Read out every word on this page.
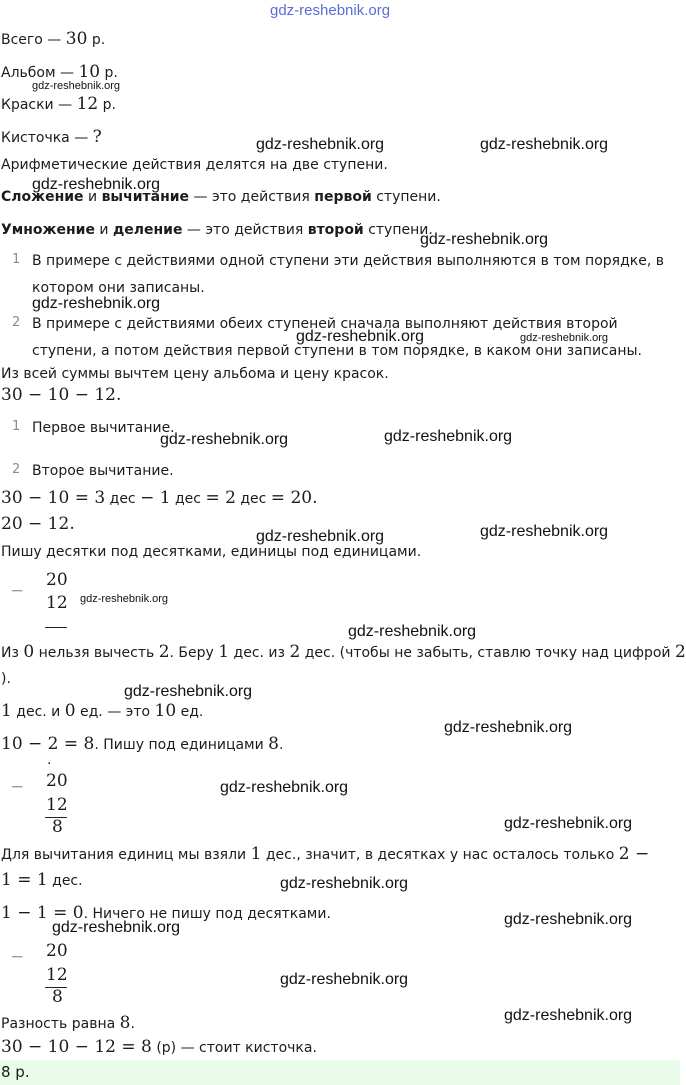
gdz-reshebnik.org
gdz-reshebnik.org
gdz-reshebnik.org	gdz-reshebnik.org
gdz-reshebnik.org
gdz-reshebnik.org
gdz-reshebnik.org
gdz-reshebnik.org	gdz-reshebnik.org
gdz-reshebnik.org	gdz-reshebnik.org
gdz-reshebnik.org	gdz-reshebnik.org
gdz-reshebnik.org
gdz-reshebnik.org
gdz-reshebnik.org
gdz-reshebnik.org
gdz-reshebnik.org
gdz-reshebnik.org
gdz-reshebnik.org
gdz-reshebnik.org
gdz-reshebnik.org
gdz-reshebnik.org
gdz-reshebnik.org
Всего — 30 р.
Альбом — 10 р.
Краски — 12 р.
Кисточка — ?
Арифметические действия делятся на две ступени.
Сложение и вычитание — это действия первой ступени.
Умножение и деление — это действия второй ступени.
1 В примере с действиями одной ступени эти действия выполняются в том порядке, в
котором они записаны.
2 В примере с действиями обеих ступеней сначала выполняют действия второй
ступени, а потом действия первой ступени в том порядке, в каком они записаны.
Из всей суммы вычтем цену альбома и цену красок.
30 − 10 − 12.
1 Первое вычитание.
2 Второе вычитание.
30 − 10 = 3 дес − 1 дес = 2 дес = 20.
20 − 12.
Пишу десятки под десятками, единицы под единицами.
−
20
12
Из 0 нельзя вычесть 2. Беру 1 дес. из 2 дес. (чтобы не забыть, ставлю точку над цифрой 2
).
1 дес. и 0 ед. — это 10 ед.
10 − 2 = 8. Пишу под единицами 8.
.
− 20
12
8
Для вычитания единиц мы взяли 1 дес., значит, в десятках у нас осталось только 2 −
1 = 1 дес.
1 − 1 = 0. Ничего не пишу под десятками.
− 20
12
8
Разность равна 8.
30 − 10 − 12 = 8 (р) — стоит кисточка.
8 р.
